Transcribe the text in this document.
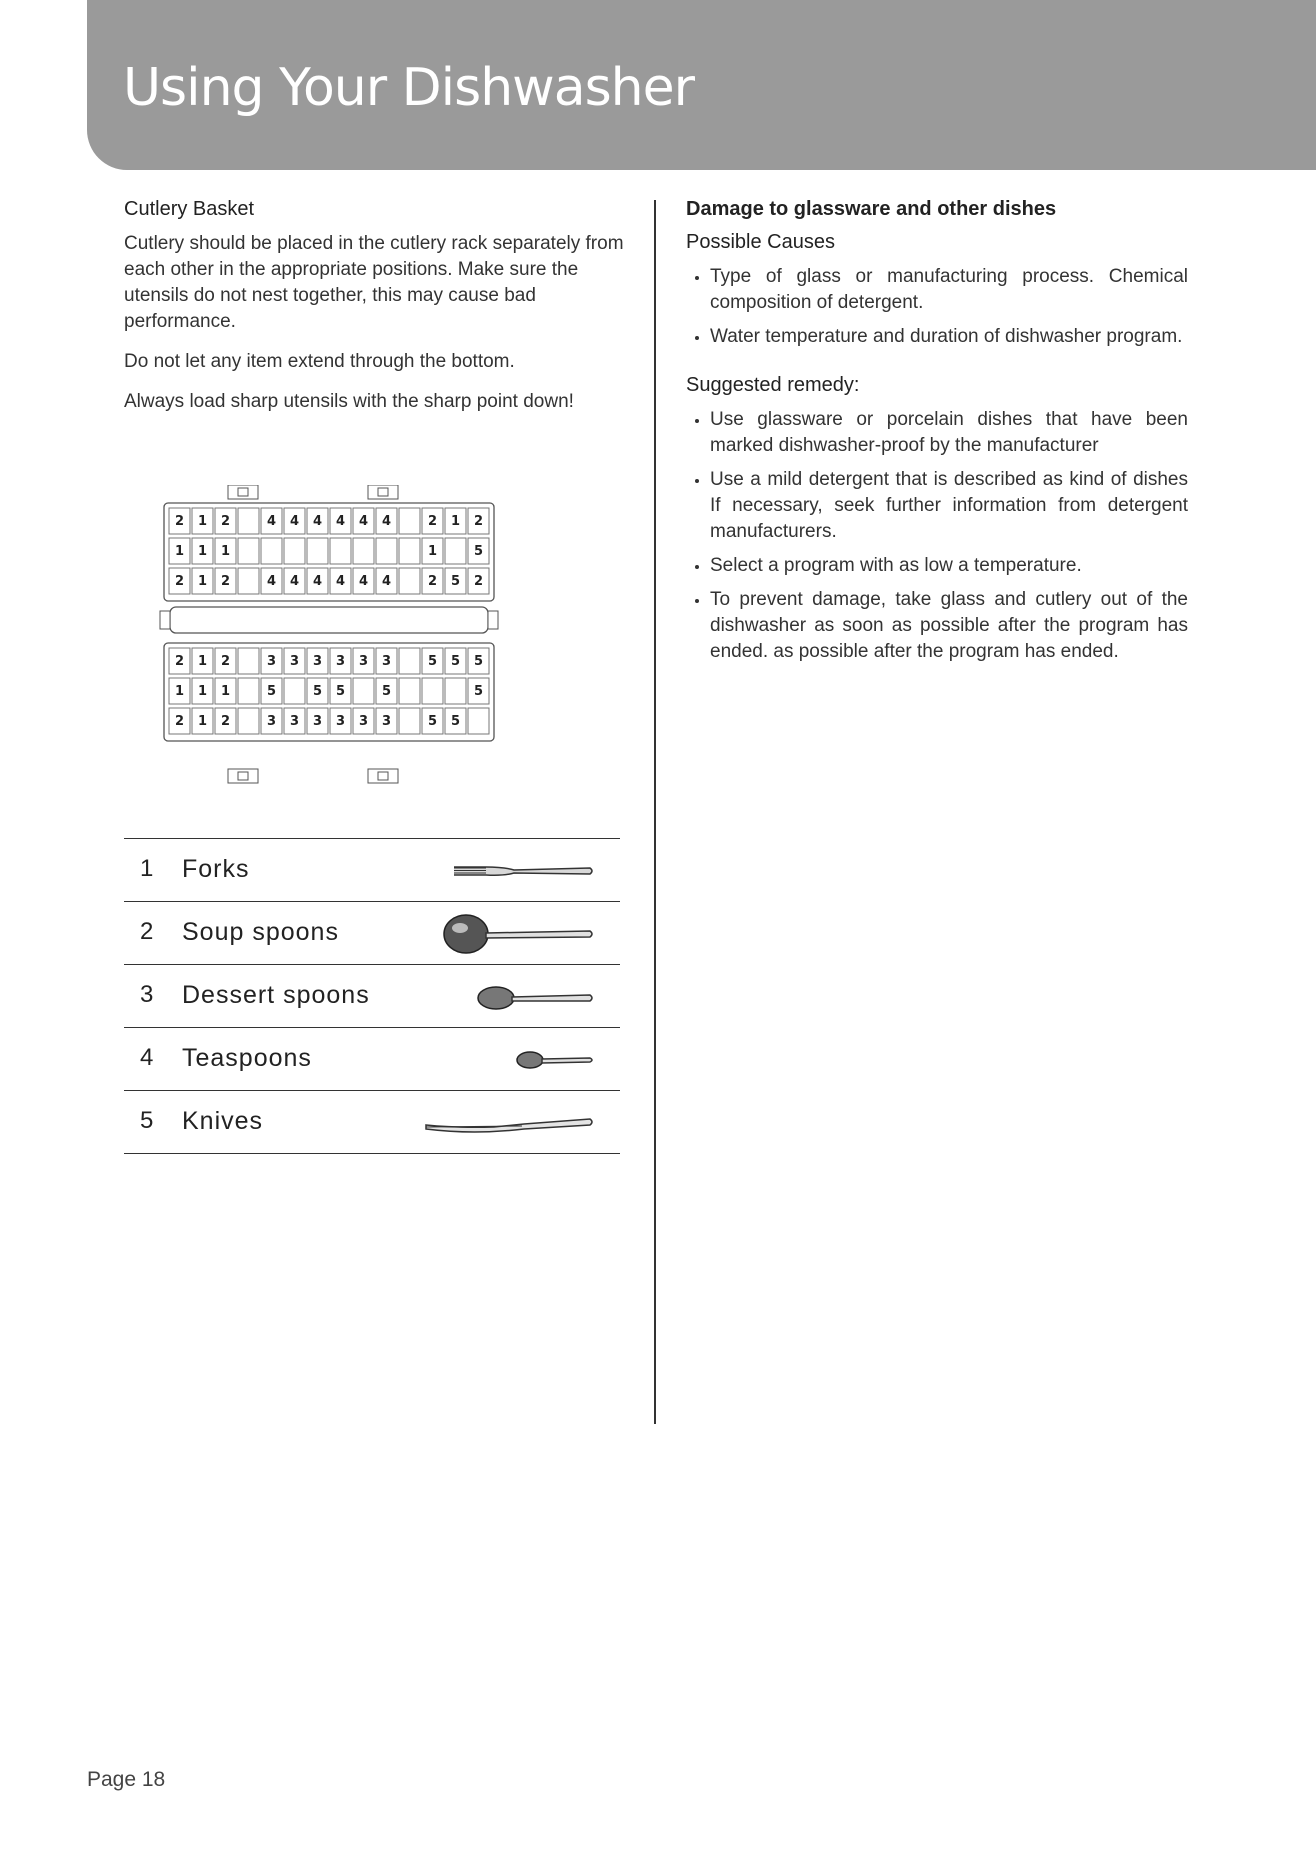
Using Your Dishwasher
Cutlery Basket

Cutlery should be placed in the cutlery rack separately from each other in the appropriate positions. Make sure the utensils do not nest together, this may cause bad performance.

Do not let any item extend through the bottom.

Always load sharp utensils with the sharp point down!

2 1 2	4 4 4 4 4 4	2 1 2
1 1 1	1	5
2 1 2	4 4 4 4 4 4	2 5 2
2 1 2	3 3 3 3 3 3	5 5 5
1 1 1	5	5 5	5	5
2 1 2	3 3 3 3 3 3	5 5
1 Forks
2 Soup spoons
3 Dessert spoons
4 Teaspoons
5 Knives
Damage to glassware and other dishes
Possible Causes
• Type of glass or manufacturing process. Chemical composition of detergent.
• Water temperature and duration of dishwasher program.
Suggested remedy:
• Use glassware or porcelain dishes that have been marked dishwasher-proof by the manufacturer
• Use a mild detergent that is described as kind of dishes If necessary, seek further information from detergent manufacturers.
• Select a program with as low a temperature.
• To prevent damage, take glass and cutlery out of the dishwasher as soon as possible after the program has ended. as possible after the program has ended.
Page 18
